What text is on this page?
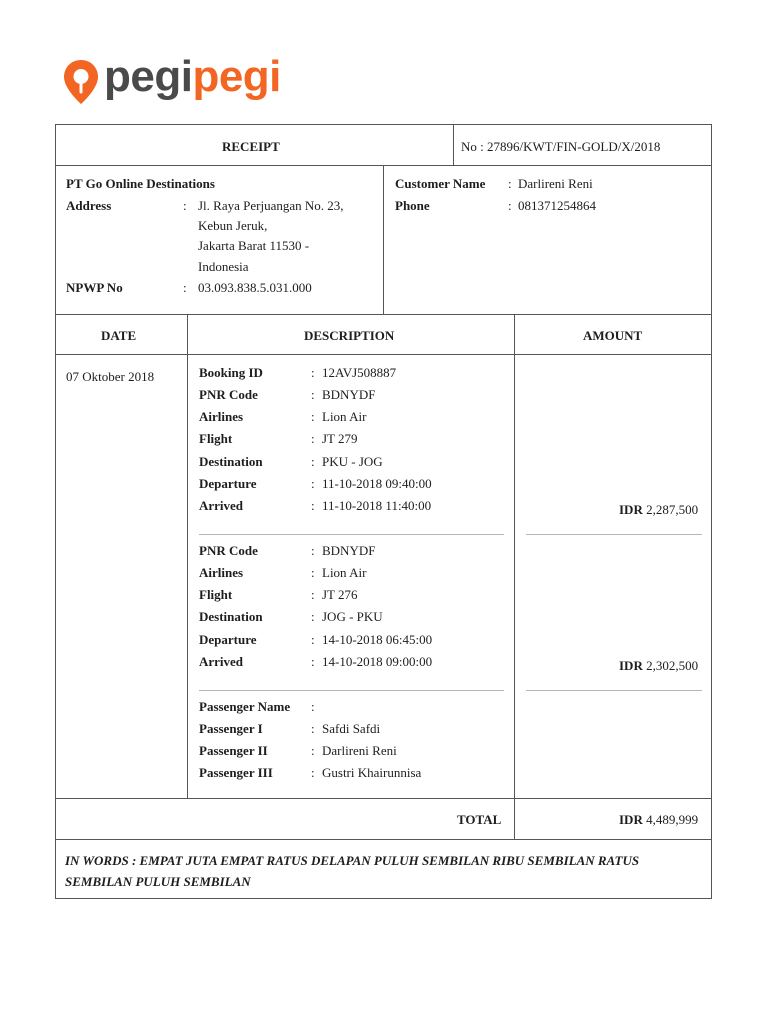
pegipegi
RECEIPT	No : 27896/KWT/FIN-GOLD/X/2018
PT Go Online Destinations
Address	: Jl. Raya Perjuangan No. 23,
Kebun Jeruk,
Jakarta Barat 11530 -
Indonesia
NPWP No	: 03.093.838.5.031.000
Customer Name : Darlireni Reni
Phone	: 081371254864
DATE	DESCRIPTION	AMOUNT
07 Oktober 2018	Booking ID	: 12AVJ508887
PNR Code	: BDNYDF
Airlines	: Lion Air
Flight	: JT 279
Destination	: PKU - JOG
Departure	: 11-10-2018 09:40:00
Arrived	: 11-10-2018 11:40:00	IDR 2,287,500
PNR Code	: BDNYDF
Airlines	: Lion Air
Flight	: JT 276
Destination	: JOG - PKU
Departure	: 14-10-2018 06:45:00
Arrived	: 14-10-2018 09:00:00	IDR 2,302,500
Passenger Name :
Passenger I	: Safdi Safdi
Passenger II	: Darlireni Reni
Passenger III	: Gustri Khairunnisa
TOTAL	IDR 4,489,999
IN WORDS : EMPAT JUTA EMPAT RATUS DELAPAN PULUH SEMBILAN RIBU SEMBILAN RATUS SEMBILAN PULUH SEMBILAN
